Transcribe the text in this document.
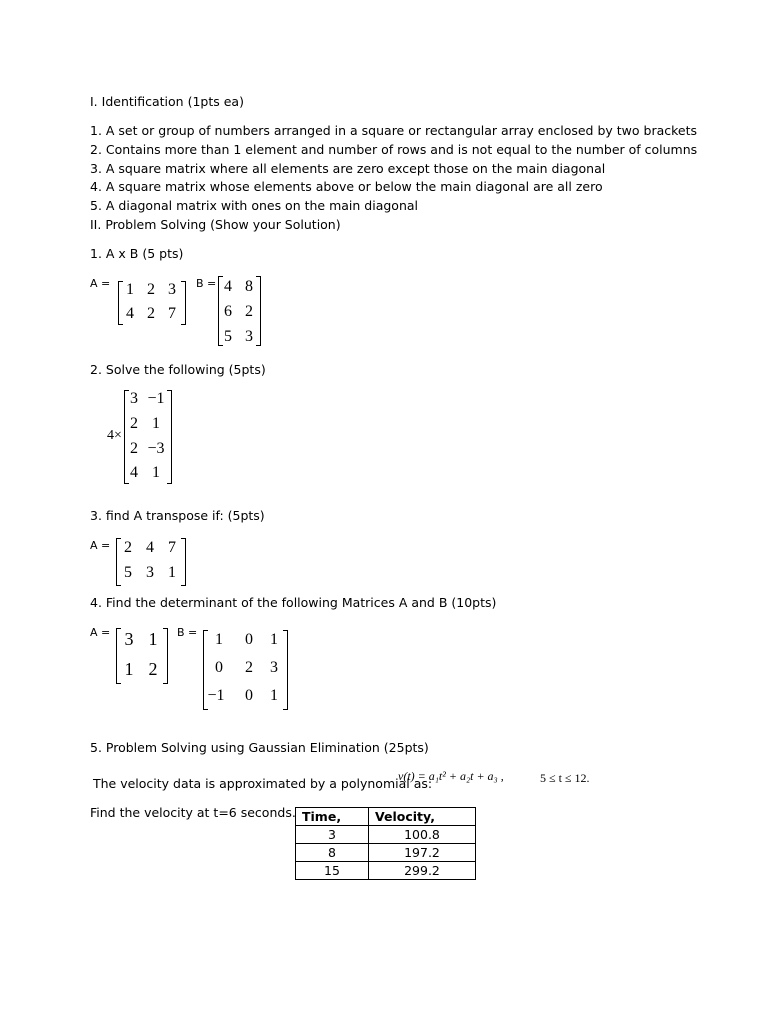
I. Identification (1pts ea)
1. A set or group of numbers arranged in a square or rectangular array enclosed by two brackets
2. Contains more than 1 element and number of rows and is not equal to the number of columns
3. A square matrix where all elements are zero except those on the main diagonal
4. A square matrix whose elements above or below the main diagonal are all zero
5. A diagonal matrix with ones on the main diagonal
II. Problem Solving (Show your Solution)
1. A x B (5 pts)
A = 1 2 3
4 2 7
B = 4 8
6 2
5 3
2. Solve the following (5pts)
4×
3 −1
2 1
2 −3
4 1
3. find A transpose if: (5pts)
A = 2 4 7
5 3 1
4. Find the determinant of the following Matrices A and B (10pts)
A = 3 1
1 2
B =	1	0	1
0	2	3
−1	0	1
5. Problem Solving using Gaussian Elimination (25pts)
The velocity data is approximated by a polynomial as:
v(t) = a₁t² + a₂t + a₃ ,	5 ≤ t ≤ 12.
Find the velocity at t=6 seconds. Time,	Velocity,
3	100.8
8	197.2
15	299.2
